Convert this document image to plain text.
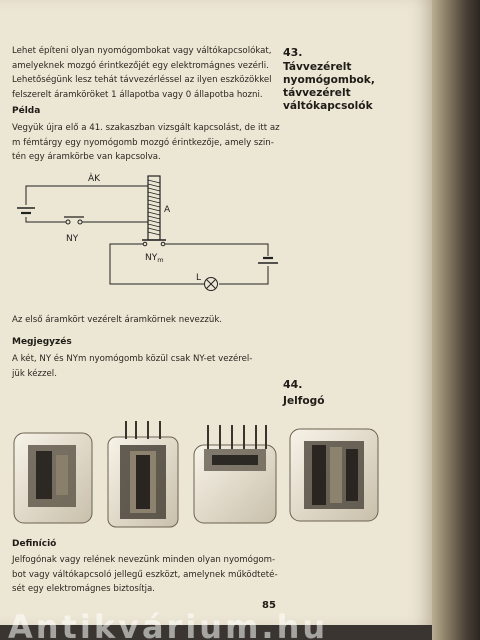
Lehet építeni olyan nyomógombokat vagy váltókapcsolókat,
amelyeknek mozgó érintkezőjét egy elektromágnes vezérli.
Lehetőségünk lesz tehát távvezérléssel az ilyen eszközökkel
felszerelt áramköröket 1 állapotba vagy 0 állapotba hozni.
Példa
Vegyük újra elő a 41. szakaszban vizsgált kapcsolást, de itt az
m fémtárgy egy nyomógomb mozgó érintkezője, amely szin-
tén egy áramkörbe van kapcsolva.
ÀK
A
NY
$NY_m$
L
Az első áramkört vezérelt áramkörnek nevezzük.
Megjegyzés
A két, NY és NYm nyomógomb közül csak NY-et vezérel-
jük kézzel.
Definíció
Jelfogónak vagy relének nevezünk minden olyan nyomógom-
bot vagy váltókapcsoló jellegű eszközt, amelynek működteté-
sét egy elektromágnes biztosítja.
43.
Távvezérelt
nyomógombok,
távvezérelt
váltókapcsolók
44.
Jelfogó
85
Antikvárium.hu
